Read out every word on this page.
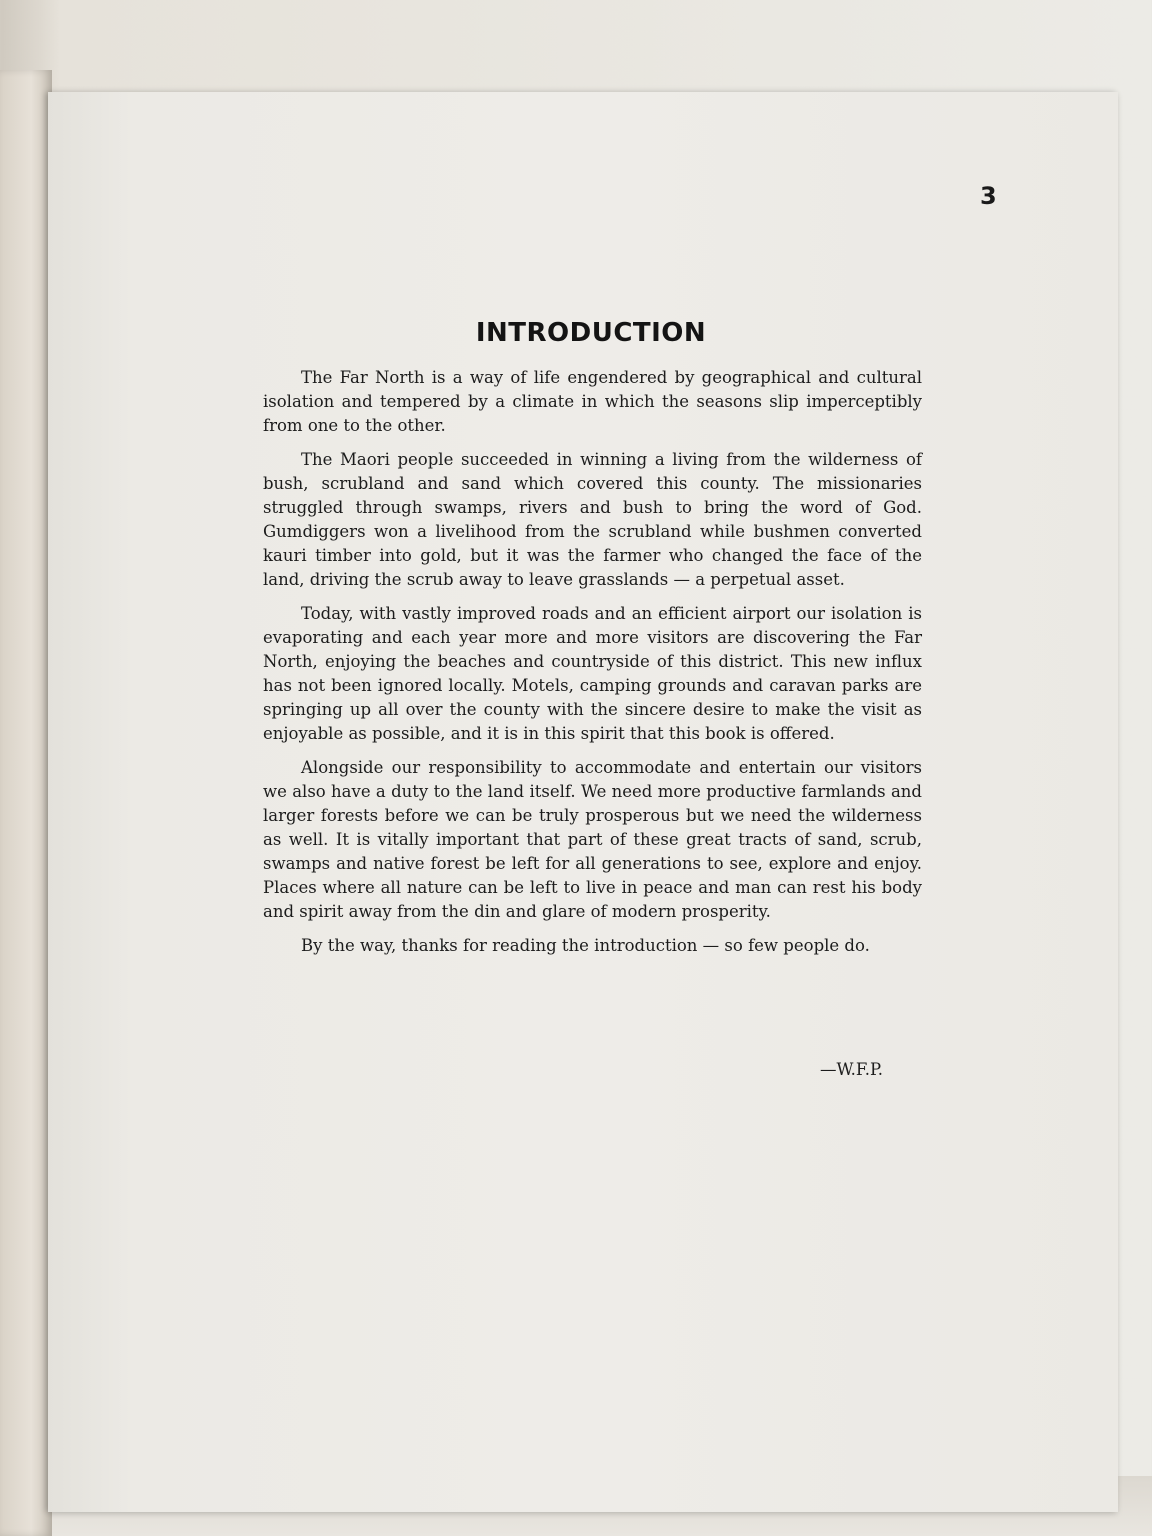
3
INTRODUCTION

The Far North is a way of life engendered by geographical and cultural isolation and tempered by a climate in which the seasons slip imperceptibly from one to the other.

The Maori people succeeded in winning a living from the wilderness of bush, scrubland and sand which covered this county. The missionaries struggled through swamps, rivers and bush to bring the word of God. Gumdiggers won a livelihood from the scrubland while bushmen converted kauri timber into gold, but it was the farmer who changed the face of the land, driving the scrub away to leave grasslands — a perpetual asset.

Today, with vastly improved roads and an efficient airport our isolation is evaporating and each year more and more visitors are discovering the Far North, enjoying the beaches and countryside of this district. This new influx has not been ignored locally. Motels, camping grounds and caravan parks are springing up all over the county with the sincere desire to make the visit as enjoyable as possible, and it is in this spirit that this book is offered.

Alongside our responsibility to accommodate and entertain our visitors we also have a duty to the land itself. We need more productive farmlands and larger forests before we can be truly prosperous but we need the wilderness as well. It is vitally important that part of these great tracts of sand, scrub, swamps and native forest be left for all generations to see, explore and enjoy. Places where all nature can be left to live in peace and man can rest his body and spirit away from the din and glare of modern prosperity.

By the way, thanks for reading the introduction — so few people do.

—W.F.P.
